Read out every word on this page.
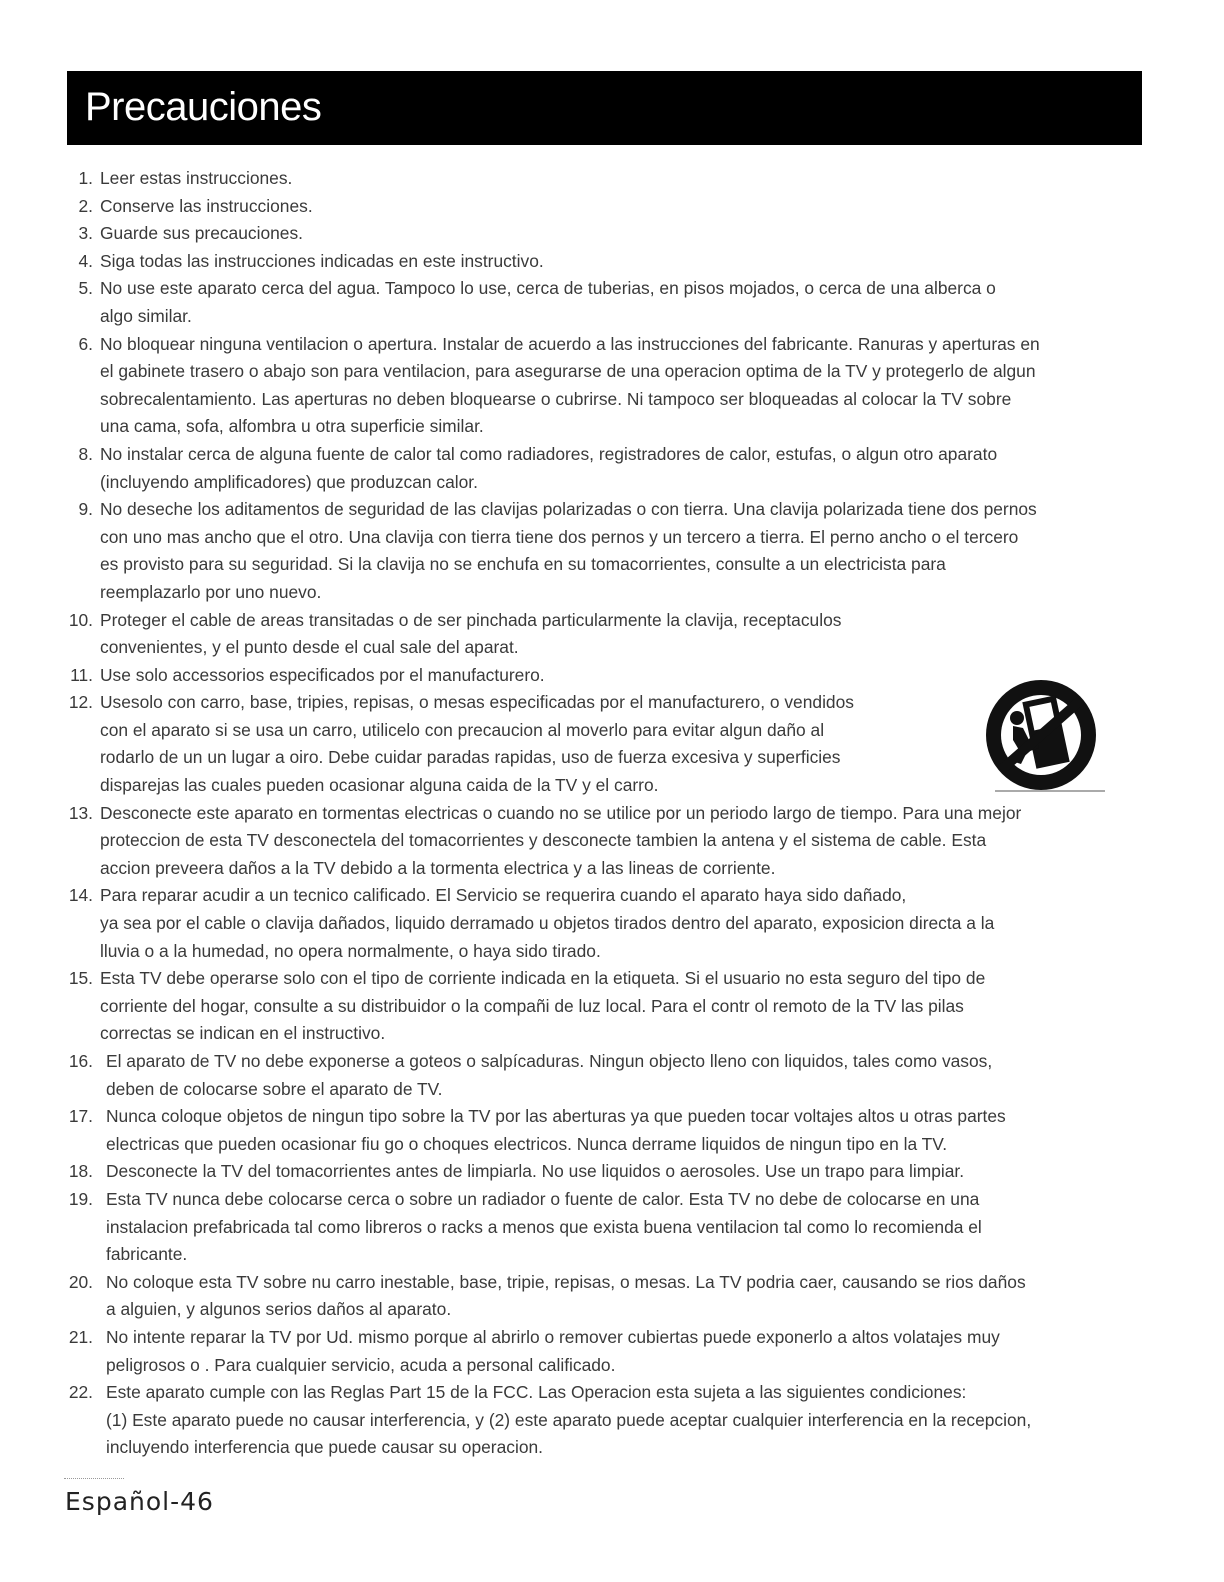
Precauciones
1. Leer estas instrucciones.
2. Conserve las instrucciones.
3. Guarde sus precauciones.
4. Siga todas las instrucciones indicadas en este instructivo.
5. No use este aparato cerca del agua. Tampoco lo use, cerca de tuberias, en pisos mojados, o cerca de una alberca o
algo similar.
6. No bloquear ninguna ventilacion o apertura. Instalar de acuerdo a las instrucciones del fabricante. Ranuras y aperturas en
el gabinete trasero o abajo son para ventilacion, para asegurarse de una operacion optima de la TV y protegerlo de algun
sobrecalentamiento. Las aperturas no deben bloquearse o cubrirse. Ni tampoco ser bloqueadas al colocar la TV sobre
una cama, sofa, alfombra u otra superficie similar.
8. No instalar cerca de alguna fuente de calor tal como radiadores, registradores de calor, estufas, o algun otro aparato
(incluyendo amplificadores) que produzcan calor.
9. No deseche los aditamentos de seguridad de las clavijas polarizadas o con tierra. Una clavija polarizada tiene dos pernos
con uno mas ancho que el otro. Una clavija con tierra tiene dos pernos y un tercero a tierra. El perno ancho o el tercero
es provisto para su seguridad. Si la clavija no se enchufa en su tomacorrientes, consulte a un electricista para
reemplazarlo por uno nuevo.
10. Proteger el cable de areas transitadas o de ser pinchada particularmente la clavija, receptaculos
convenientes, y el punto desde el cual sale del aparat.
11. Use solo accessorios especificados por el manufacturero.
12. Usesolo con carro, base, tripies, repisas, o mesas especificadas por el manufacturero, o vendidos
con el aparato si se usa un carro, utilicelo con precaucion al moverlo para evitar algun daño al
rodarlo de un un lugar a oiro. Debe cuidar paradas rapidas, uso de fuerza excesiva y superficies
disparejas las cuales pueden ocasionar alguna caida de la TV y el carro.
13. Desconecte este aparato en tormentas electricas o cuando no se utilice por un periodo largo de tiempo. Para una mejor
proteccion de esta TV desconectela del tomacorrientes y desconecte tambien la antena y el sistema de cable. Esta
accion preveera daños a la TV debido a la tormenta electrica y a las lineas de corriente.
14. Para reparar acudir a un tecnico calificado. El Servicio se requerira cuando el aparato haya sido dañado,
ya sea por el cable o clavija dañados, liquido derramado u objetos tirados dentro del aparato, exposicion directa a la
lluvia o a la humedad, no opera normalmente, o haya sido tirado.
15. Esta TV debe operarse solo con el tipo de corriente indicada en la etiqueta. Si el usuario no esta seguro del tipo de
corriente del hogar, consulte a su distribuidor o la compañi de luz local. Para el contr ol remoto de la TV las pilas
correctas se indican en el instructivo.
16. El aparato de TV no debe exponerse a goteos o salpícaduras. Ningun objecto lleno con liquidos, tales como vasos,
deben de colocarse sobre el aparato de TV.
17. Nunca coloque objetos de ningun tipo sobre la TV por las aberturas ya que pueden tocar voltajes altos u otras partes
electricas que pueden ocasionar fiu go o choques electricos. Nunca derrame liquidos de ningun tipo en la TV.
18. Desconecte la TV del tomacorrientes antes de limpiarla. No use liquidos o aerosoles. Use un trapo para limpiar.
19. Esta TV nunca debe colocarse cerca o sobre un radiador o fuente de calor. Esta TV no debe de colocarse en una
instalacion prefabricada tal como libreros o racks a menos que exista buena ventilacion tal como lo recomienda el
fabricante.
20. No coloque esta TV sobre nu carro inestable, base, tripie, repisas, o mesas. La TV podria caer, causando se rios daños
a alguien, y algunos serios daños al aparato.
21. No intente reparar la TV por Ud. mismo porque al abrirlo o remover cubiertas puede exponerlo a altos volatajes muy
peligrosos o . Para cualquier servicio, acuda a personal calificado.
22. Este aparato cumple con las Reglas Part 15 de la FCC. Las Operacion esta sujeta a las siguientes condiciones:
(1) Este aparato puede no causar interferencia, y (2) este aparato puede aceptar cualquier interferencia en la recepcion,
incluyendo interferencia que puede causar su operacion.
Español-46
